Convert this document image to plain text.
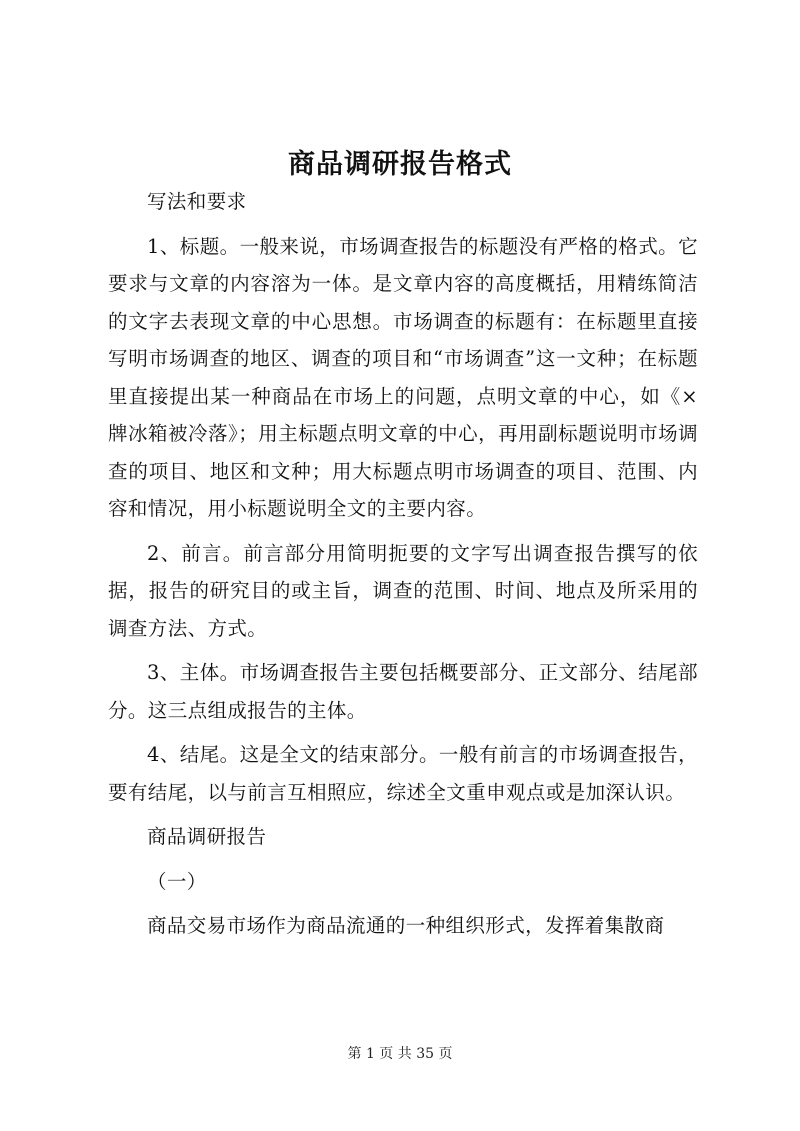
商品调研报告格式

写法和要求

1、标题。一般来说，市场调查报告的标题没有严格的格式。它要求与文章的内容溶为一体。是文章内容的高度概括，用精练简洁的文字去表现文章的中心思想。市场调查的标题有：在标题里直接写明市场调查的地区、调查的项目和“市场调查”这一文种；在标题里直接提出某一种商品在市场上的问题，点明文章的中心，如《×牌冰箱被冷落》；用主标题点明文章的中心，再用副标题说明市场调查的项目、地区和文种；用大标题点明市场调查的项目、范围、内容和情况，用小标题说明全文的主要内容。

2、前言。前言部分用简明扼要的文字写出调查报告撰写的依据，报告的研究目的或主旨，调查的范围、时间、地点及所采用的调查方法、方式。

3、主体。市场调查报告主要包括概要部分、正文部分、结尾部分。这三点组成报告的主体。

4、结尾。这是全文的结束部分。一般有前言的市场调查报告，要有结尾，以与前言互相照应，综述全文重申观点或是加深认识。

商品调研报告

（一）

商品交易市场作为商品流通的一种组织形式，发挥着集散商

第 1 页 共 35 页
